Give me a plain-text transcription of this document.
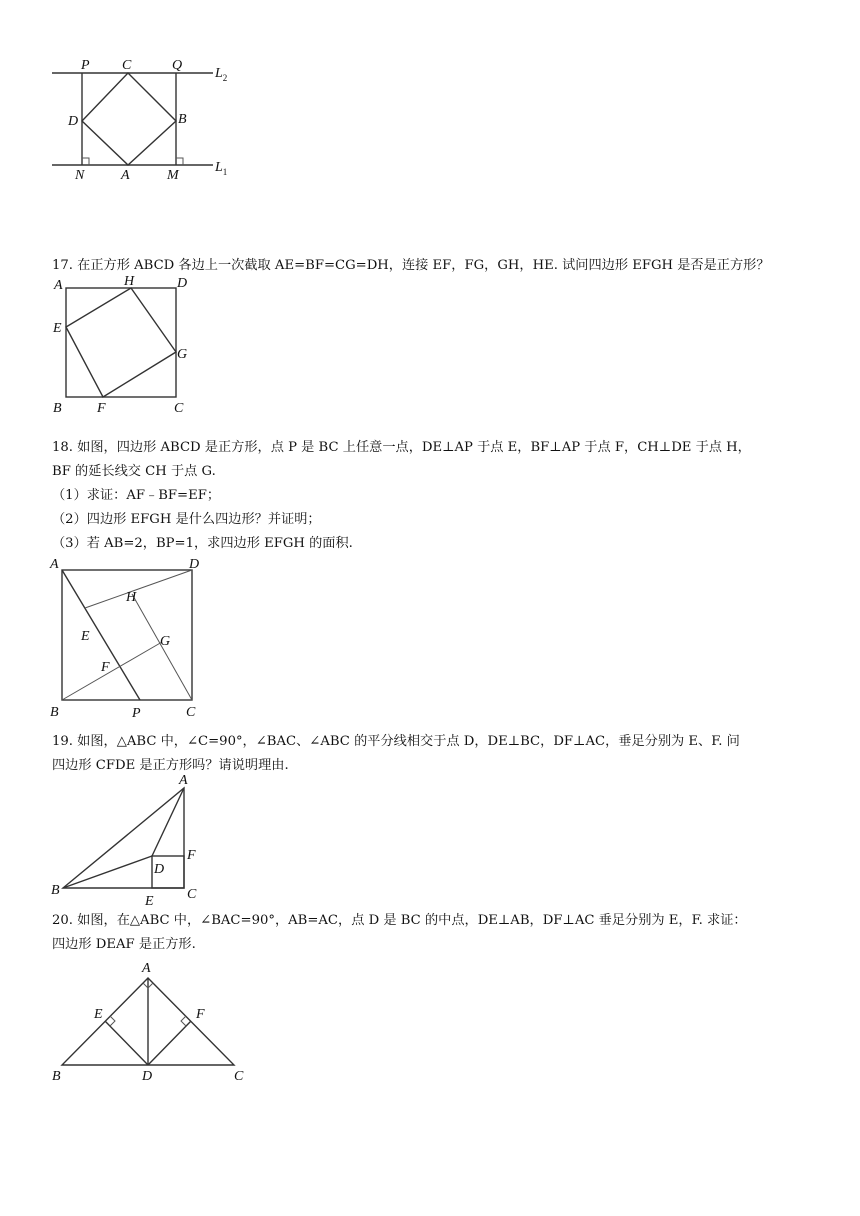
P C	Q
$L_2$
D	B
N	A	M
$L_1$
17. 在正方形 ABCD 各边上一次截取 AE=BF=CG=DH，连接 EF，FG，GH，HE. 试问四边形 EFGH 是否是正方形？
A	H	D
E
G
B	F	C
18. 如图，四边形 ABCD 是正方形，点 P 是 BC 上任意一点，DE⊥AP 于点 E，BF⊥AP 于点 F，CH⊥DE 于点 H，
BF 的延长线交 CH 于点 G.
（1）求证：AF﹣BF=EF；
（2）四边形 EFGH 是什么四边形？并证明；
（3）若 AB=2，BP=1，求四边形 EFGH 的面积.
A	D
H
E	G
F
B	P	C
19. 如图，△ABC 中，∠C=90°，∠BAC、∠ABC 的平分线相交于点 D，DE⊥BC，DF⊥AC，垂足分别为 E、F. 问
四边形 CFDE 是正方形吗？请说明理由.
A
F
D
B
E C
20. 如图，在△ABC 中，∠BAC=90°，AB=AC，点 D 是 BC 的中点，DE⊥AB，DF⊥AC 垂足分别为 E，F. 求证：
四边形 DEAF 是正方形.
A
E	F
B	D	C
